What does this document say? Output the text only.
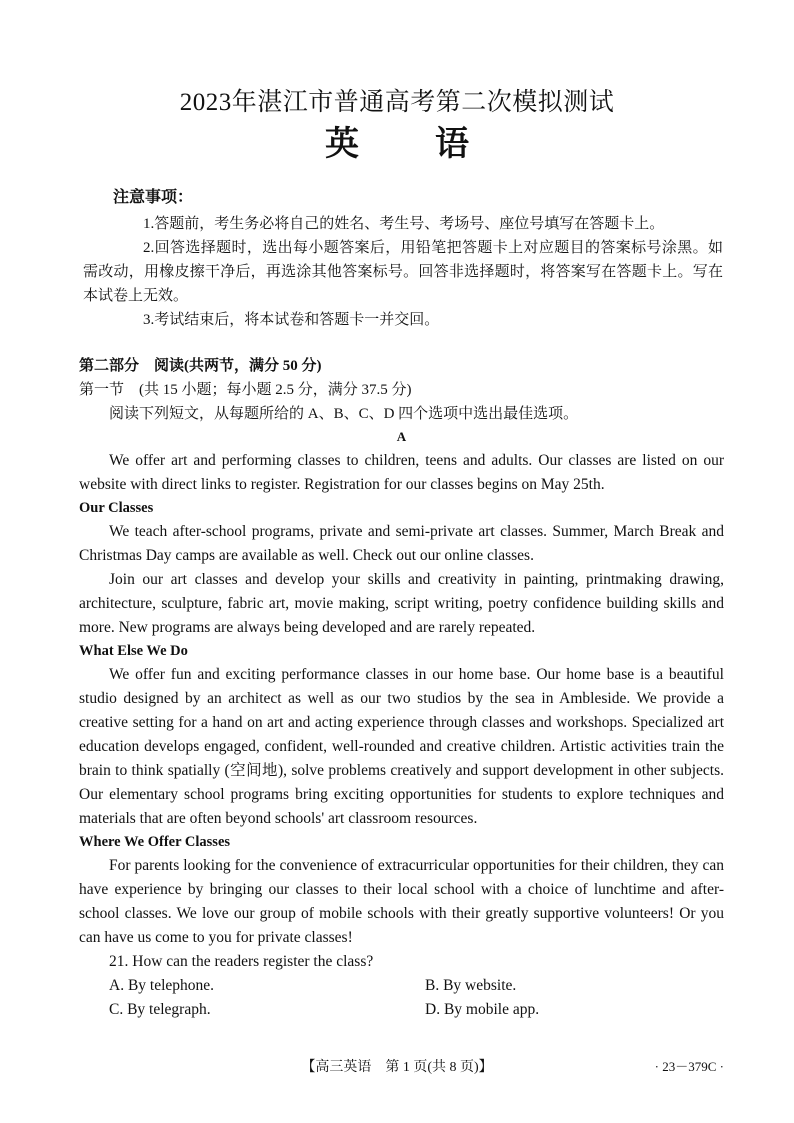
2023年湛江市普通高考第二次模拟测试
英 语
注意事项：

1.答题前，考生务必将自己的姓名、考生号、考场号、座位号填写在答题卡上。

2.回答选择题时，选出每小题答案后，用铅笔把答题卡上对应题目的答案标号涂黑。如需改动，用橡皮擦干净后，再选涂其他答案标号。回答非选择题时，将答案写在答题卡上。写在本试卷上无效。

3.考试结束后，将本试卷和答题卡一并交回。

第二部分　阅读(共两节，满分 50 分)
第一节　(共 15 小题；每小题 2.5 分，满分 37.5 分)
阅读下列短文，从每题所给的 A、B、C、D 四个选项中选出最佳选项。

A

We offer art and performing classes to children, teens and adults. Our classes are listed on our website with direct links to register. Registration for our classes begins on May 25th.

Our Classes

We teach after-school programs, private and semi-private art classes. Summer, March Break and Christmas Day camps are available as well. Check out our online classes.

Join our art classes and develop your skills and creativity in painting, printmaking drawing, architecture, sculpture, fabric art, movie making, script writing, poetry confidence building skills and more. New programs are always being developed and are rarely repeated.

What Else We Do

We offer fun and exciting performance classes in our home base. Our home base is a beautiful studio designed by an architect as well as our two studios by the sea in Ambleside. We provide a creative setting for a hand on art and acting experience through classes and workshops. Specialized art education develops engaged, confident, well-rounded and creative children. Artistic activities train the brain to think spatially (空间地), solve problems creatively and support development in other subjects. Our elementary school programs bring exciting opportunities for students to explore techniques and materials that are often beyond schools' art classroom resources.

Where We Offer Classes

For parents looking for the convenience of extracurricular opportunities for their children, they can have experience by bringing our classes to their local school with a choice of lunchtime and after-school classes. We love our group of mobile schools with their greatly supportive volunteers! Or you can have us come to you for private classes!

21. How can the readers register the class?

A. By telephone.	B. By website.
C. By telegraph.	D. By mobile app.
【高三英语　第 1 页(共 8 页)】	· 23－379C ·
